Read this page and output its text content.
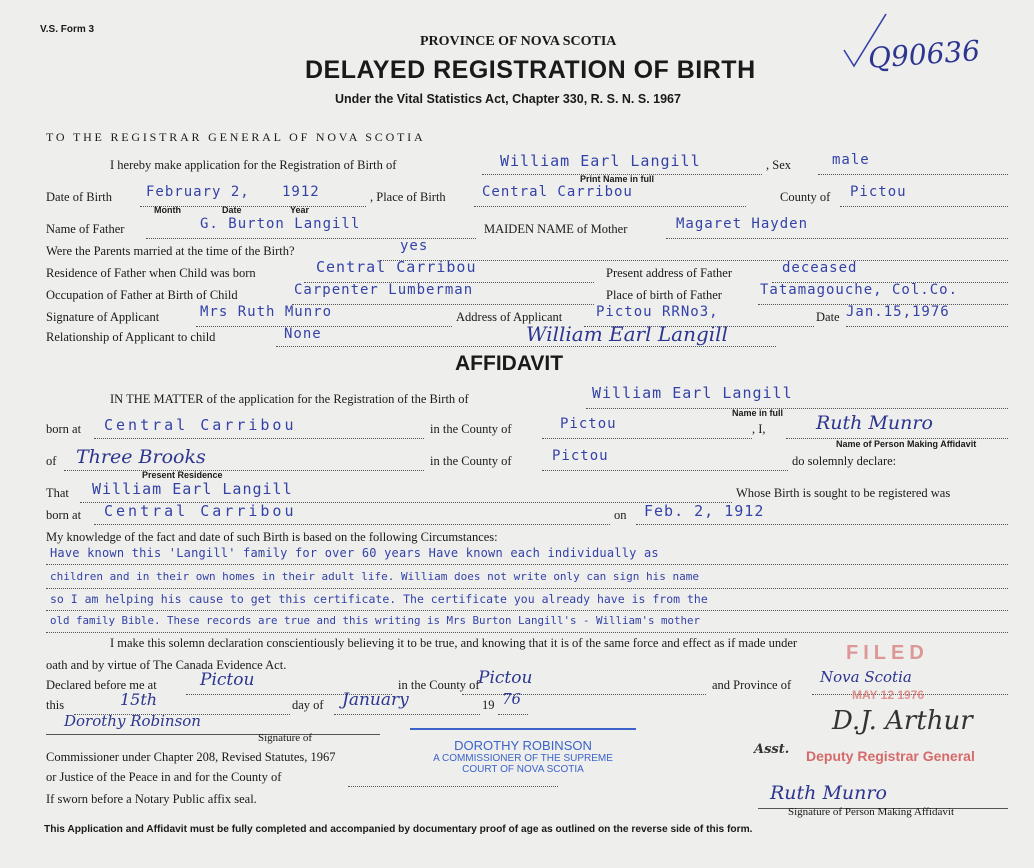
V.S. Form 3
PROVINCE OF NOVA SCOTIA
DELAYED REGISTRATION OF BIRTH
Under the Vital Statistics Act, Chapter 330, R. S. N. S. 1967
Q90636
TO THE REGISTRAR GENERAL OF NOVA SCOTIA
I hereby make application for the Registration of Birth of	William Earl Langill	, Sex	male
Print Name in full
Date of Birth February 2, 1912	, Place of Birth	Central Carribou	County of Pictou
Month	Date	Year
Name of Father	G. Burton Langill	MAIDEN NAME of Mother	Magaret Hayden
Were the Parents married at the time of the Birth?	yes
Residence of Father when Child was born	Central Carribou	Present address of Father	deceased
Occupation of Father at Birth of Child	Carpenter Lumberman	Place of birth of Father	Tatamagouche, Col.Co.
Signature of Applicant	Mrs Ruth Munro	Address of Applicant Pictou RRNo3,	Date Jan.15,1976
Relationship of Applicant to child	None	William Earl Langill
AFFIDAVIT
IN THE MATTER of the application for the Registration of the Birth of	William Earl Langill
Name in full
born at Central Carribou	in the County of	Pictou	, I,	Ruth Munro
Name of Person Making Affidavit
of Three Brooks
Present Residence
in the County of	Pictou	do solemnly declare:
That William Earl Langill	Whose Birth is sought to be registered was
born at Central Carribou	on Feb. 2, 1912
My knowledge of the fact and date of such Birth is based on the following Circumstances:
Have known this 'Langill' family for over 60 years Have known each individually as
children and in their own homes in their adult life. William does not write only can sign his name
so I am helping his cause to get this certificate. The certificate you already have is from the
old family Bible. These records are true and this writing is Mrs Burton Langill's - William's mother
I make this solemn declaration conscientiously believing it to be true, and knowing that it is of the same force and effect as if made under
oath and by virtue of The Canada Evidence Act.
FILED
Declared before me at	Pictou	in the County of
Pictou	and Province of Nova Scotia
MAY 12 1976
this	15th	day of January	19 76
Dorothy Robinson
Signature of	DOROTHY ROBINSON
A COMMISSIONER OF THE SUPREME
COURT OF NOVA SCOTIA
Commissioner under Chapter 208, Revised Statutes, 1967
or Justice of the Peace in and for the County of
If sworn before a Notary Public affix seal.
D.J. Arthur
Asst. Deputy Registrar General
Ruth Munro
Signature of Person Making Affidavit
This Application and Affidavit must be fully completed and accompanied by documentary proof of age as outlined on the reverse side of this form.
